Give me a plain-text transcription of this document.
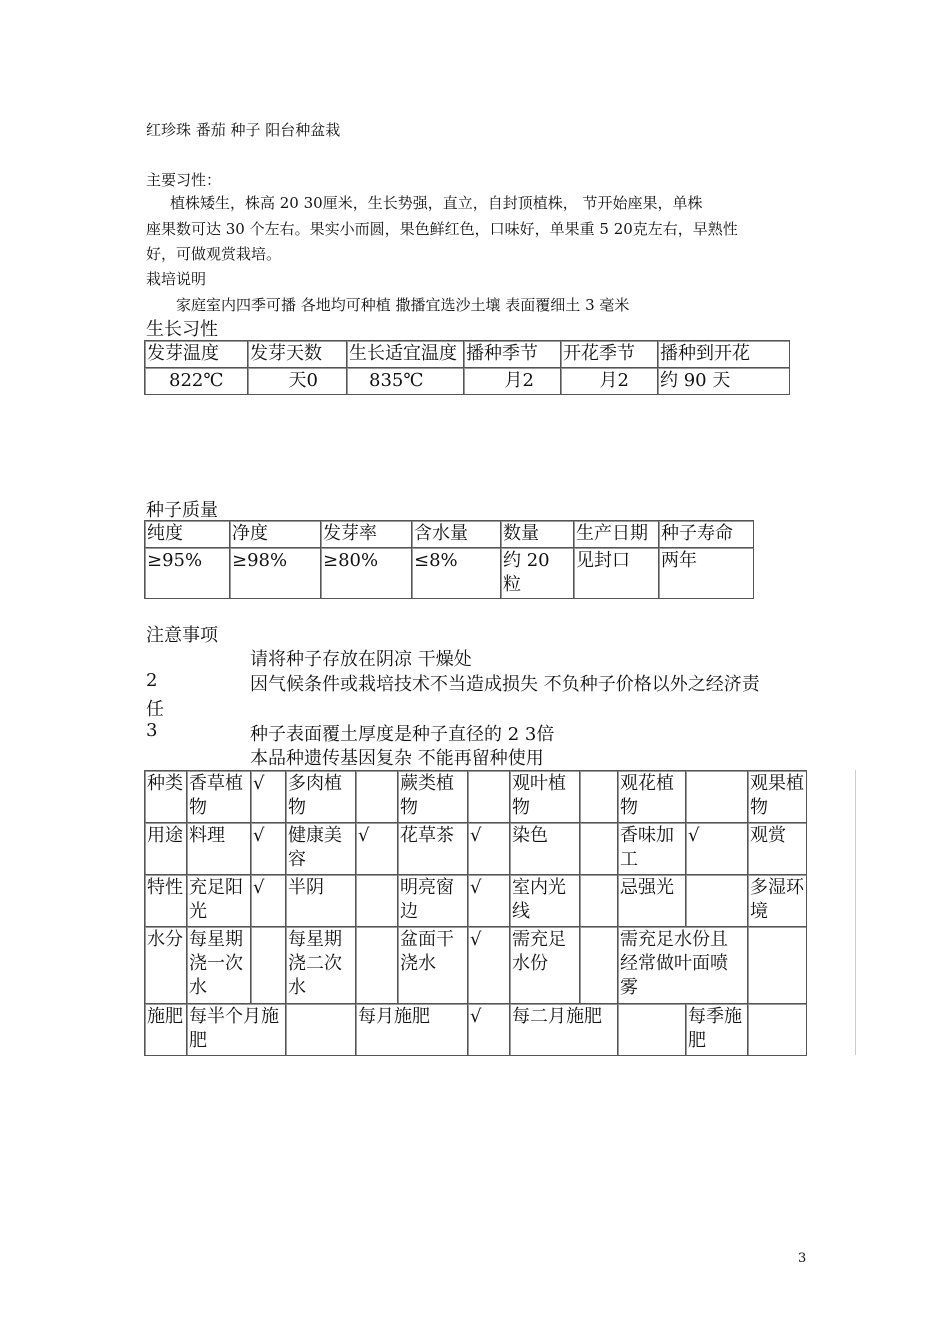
红珍珠 番茄 种子 阳台种盆栽
主要习性：
植株矮生，株高 20 30厘米，生长势强，直立，自封顶植株， 节开始座果，单株
座果数可达 30 个左右。果实小而圆，果色鲜红色，口味好，单果重 5 20克左右，早熟性
好，可做观赏栽培。
栽培说明
家庭室内四季可播 各地均可种植 撒播宜选沙土壤 表面覆细土 3 毫米
生长习性
发芽温度	发芽天数	生长适宜温度	播种季节	开花季节	播种到开花
822℃	天0	835℃	月2	月2	约 90 天
种子质量
纯度	净度	发芽率	含水量	数量	生产日期	种子寿命
≥95%	≥98%	≥80%	≤8%	约 20 粒	见封口	两年
注意事项
请将种子存放在阴凉 干燥处
2	因气候条件或栽培技术不当造成损失 不负种子价格以外之经济责
任
3	种子表面覆土厚度是种子直径的 2 3倍
本品种遗传基因复杂 不能再留种使用
种类	香草植物	√	多肉植物		蕨类植物		观叶植物		观花植物		观果植物
用途	料理	√	健康美容	√	花草茶	√	染色		香味加工	√	观赏
特性	充足阳光	√	半阴		明亮窗边	√	室内光线		忌强光		多湿环境
水分	每星期浇一次水		每星期浇二次水		盆面干浇水	√	需充足水份		需充足水份且经常做叶面喷雾		
施肥	每半个月施肥			每月施肥		√	每二月施肥			每季施肥	
3
